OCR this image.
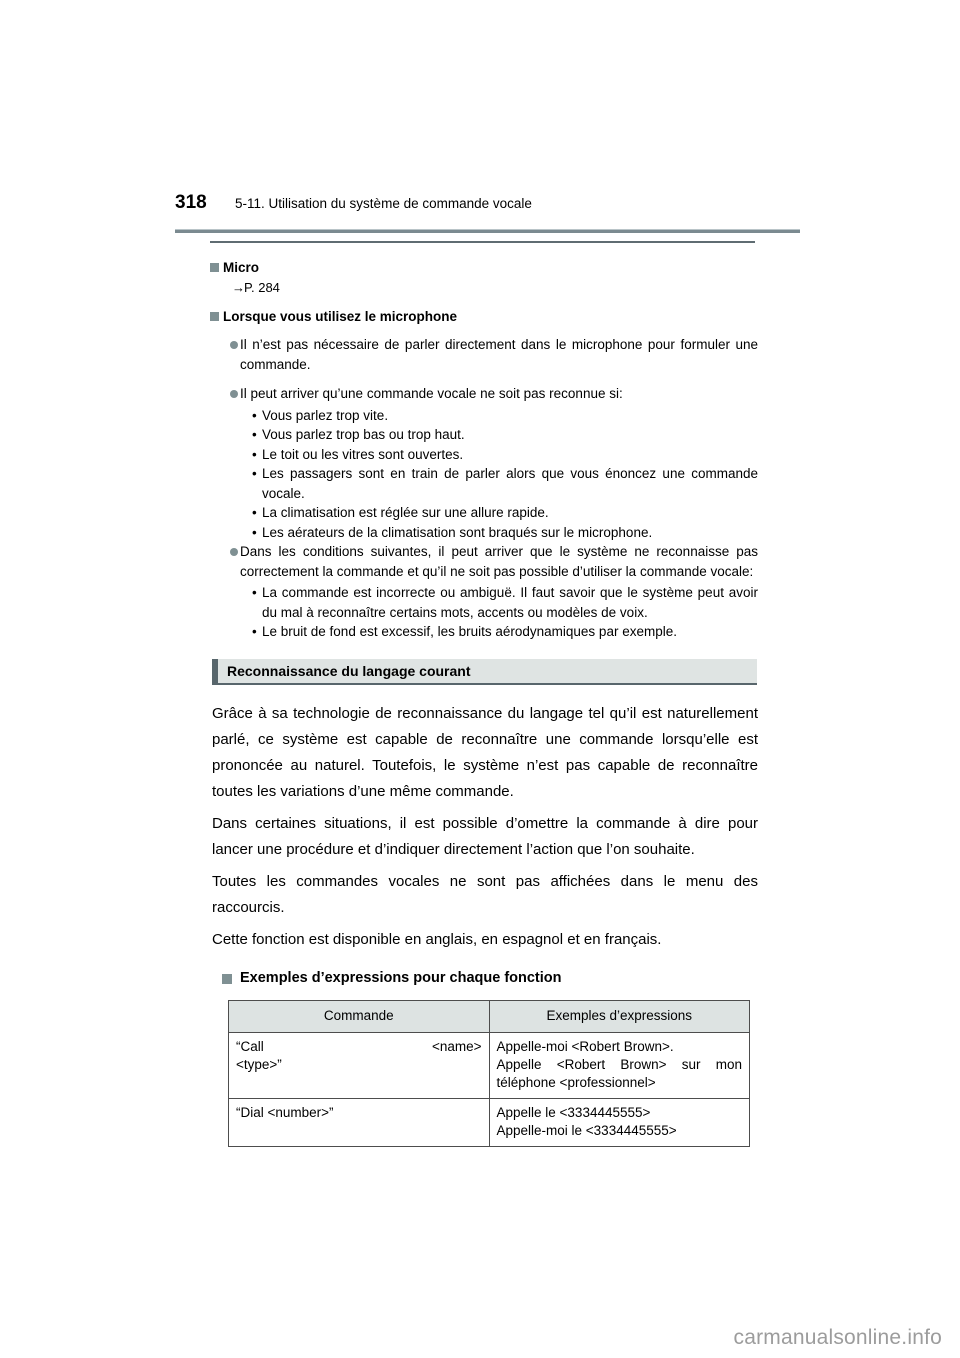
318	5-11. Utilisation du système de commande vocale
Micro
→P. 284
Lorsque vous utilisez le microphone
Il n’est pas nécessaire de parler directement dans le microphone pour formuler une commande.
Il peut arriver qu’une commande vocale ne soit pas reconnue si:
• Vous parlez trop vite.
• Vous parlez trop bas ou trop haut.
• Le toit ou les vitres sont ouvertes.
• Les passagers sont en train de parler alors que vous énoncez une commande vocale.
• La climatisation est réglée sur une allure rapide.
• Les aérateurs de la climatisation sont braqués sur le microphone.
Dans les conditions suivantes, il peut arriver que le système ne reconnaisse pas correctement la commande et qu’il ne soit pas possible d’utiliser la commande vocale:
• La commande est incorrecte ou ambiguë. Il faut savoir que le système peut avoir du mal à reconnaître certains mots, accents ou modèles de voix.
• Le bruit de fond est excessif, les bruits aérodynamiques par exemple.
Reconnaissance du langage courant

Grâce à sa technologie de reconnaissance du langage tel qu’il est naturellement parlé, ce système est capable de reconnaître une commande lorsqu’elle est prononcée au naturel. Toutefois, le système n’est pas capable de reconnaître toutes les variations d’une même commande.

Dans certaines situations, il est possible d’omettre la commande à dire pour lancer une procédure et d’indiquer directement l’action que l’on souhaite.

Toutes les commandes vocales ne sont pas affichées dans le menu des raccourcis.

Cette fonction est disponible en anglais, en espagnol et en français.

Exemples d’expressions pour chaque fonction
Commande	Exemples d’expressions

“Call <name>
<type>”	Appelle-moi <Robert Brown>.
Appelle <Robert Brown> sur mon téléphone <professionnel>

“Dial <number>”	Appelle le <3334445555>
Appelle-moi le <3334445555>
carmanualsonline.info
